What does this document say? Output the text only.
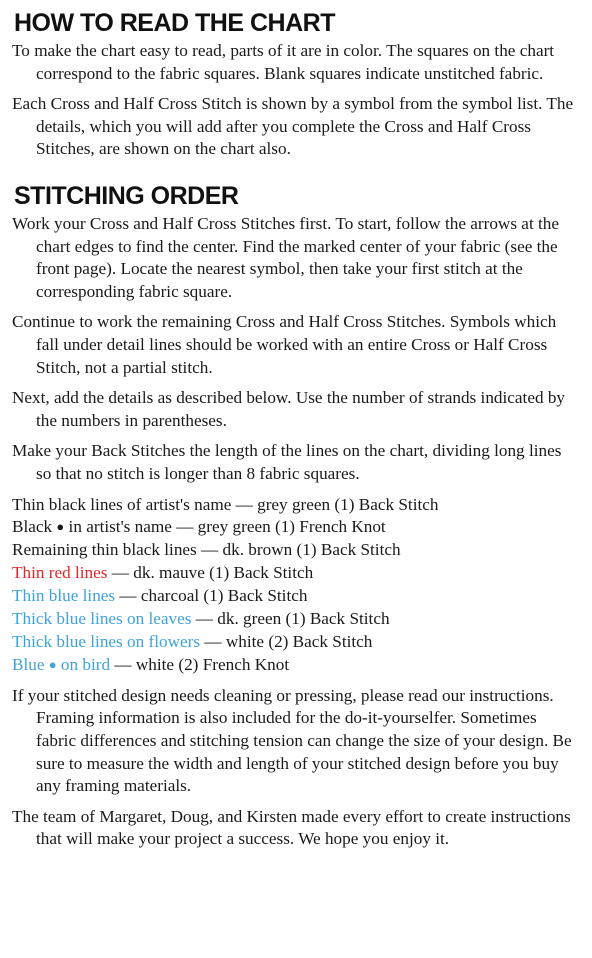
HOW TO READ THE CHART

To make the chart easy to read, parts of it are in color. The squares on the chart correspond to the fabric squares. Blank squares indicate unstitched fabric.

Each Cross and Half Cross Stitch is shown by a symbol from the symbol list. The details, which you will add after you complete the Cross and Half Cross Stitches, are shown on the chart also.

STITCHING ORDER

Work your Cross and Half Cross Stitches first. To start, follow the arrows at the chart edges to find the center. Find the marked center of your fabric (see the front page). Locate the nearest symbol, then take your first stitch at the corresponding fabric square.

Continue to work the remaining Cross and Half Cross Stitches. Symbols which fall under detail lines should be worked with an entire Cross or Half Cross Stitch, not a partial stitch.

Next, add the details as described below. Use the number of strands indicated by the numbers in parentheses.

Make your Back Stitches the length of the lines on the chart, dividing long lines so that no stitch is longer than 8 fabric squares.

Thin black lines of artist's name — grey green (1) Back Stitch
Black ● in artist's name — grey green (1) French Knot
Remaining thin black lines — dk. brown (1) Back Stitch
Thin red lines — dk. mauve (1) Back Stitch
Thin blue lines — charcoal (1) Back Stitch
Thick blue lines on leaves — dk. green (1) Back Stitch
Thick blue lines on flowers — white (2) Back Stitch
Blue ● on bird — white (2) French Knot

If your stitched design needs cleaning or pressing, please read our instructions. Framing information is also included for the do-it-yourselfer. Sometimes fabric differences and stitching tension can change the size of your design. Be sure to measure the width and length of your stitched design before you buy any framing materials.

The team of Margaret, Doug, and Kirsten made every effort to create instructions that will make your project a success. We hope you enjoy it.
